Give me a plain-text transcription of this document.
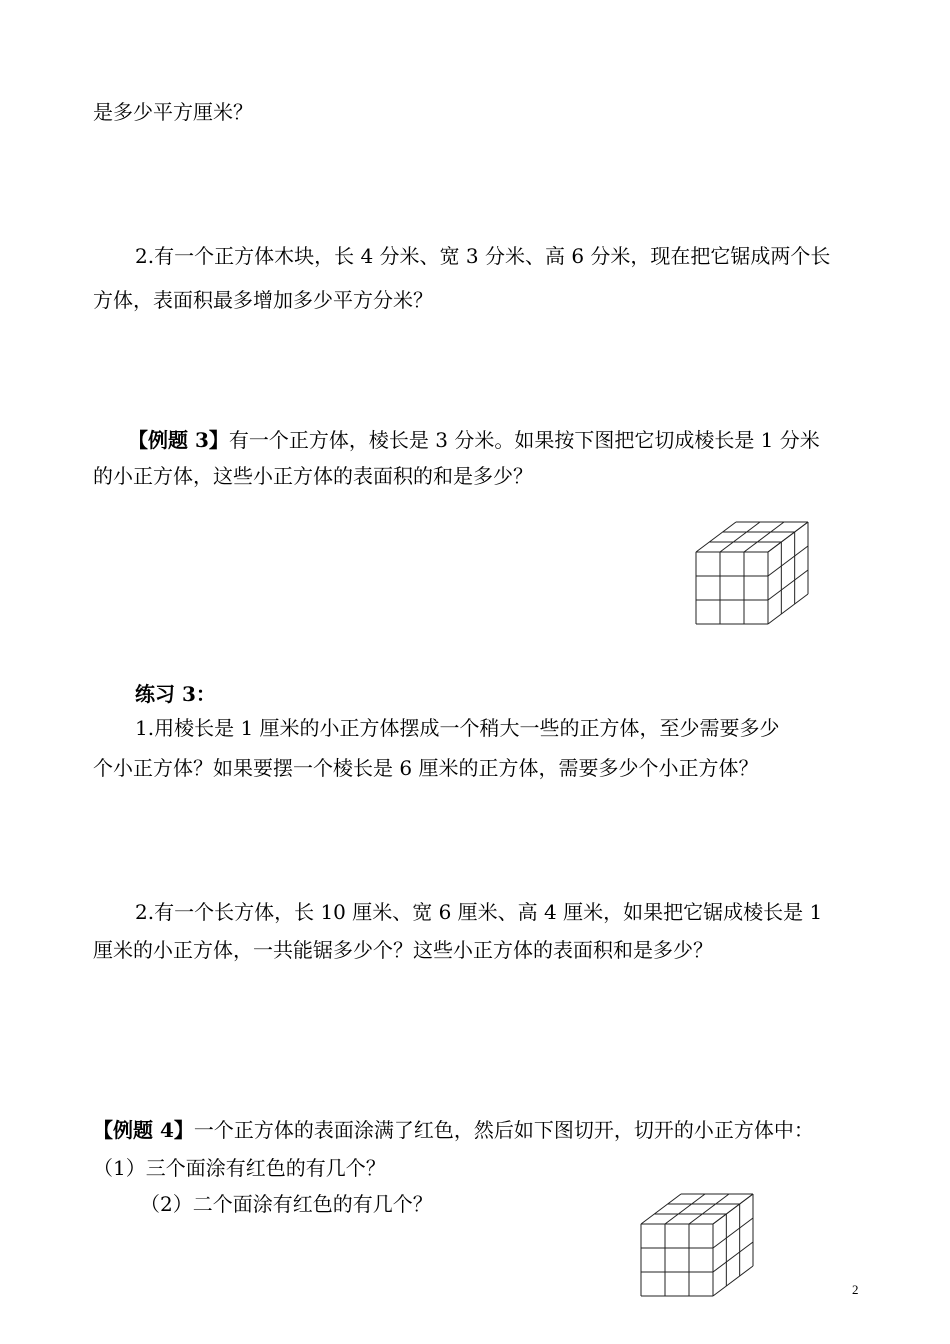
是多少平方厘米？
2.有一个正方体木块，长 4 分米、宽 3 分米、高 6 分米，现在把它锯成两个长
方体，表面积最多增加多少平方分米？
【例题 3】有一个正方体，棱长是 3 分米。如果按下图把它切成棱长是 1 分米
的小正方体，这些小正方体的表面积的和是多少？
练习 3：
1.用棱长是 1 厘米的小正方体摆成一个稍大一些的正方体，至少需要多少
个小正方体？如果要摆一个棱长是 6 厘米的正方体，需要多少个小正方体？
2.有一个长方体，长 10 厘米、宽 6 厘米、高 4 厘米，如果把它锯成棱长是 1
厘米的小正方体，一共能锯多少个？这些小正方体的表面积和是多少？
【例题 4】一个正方体的表面涂满了红色，然后如下图切开，切开的小正方体中：
（1）三个面涂有红色的有几个？
（2）二个面涂有红色的有几个？
2
